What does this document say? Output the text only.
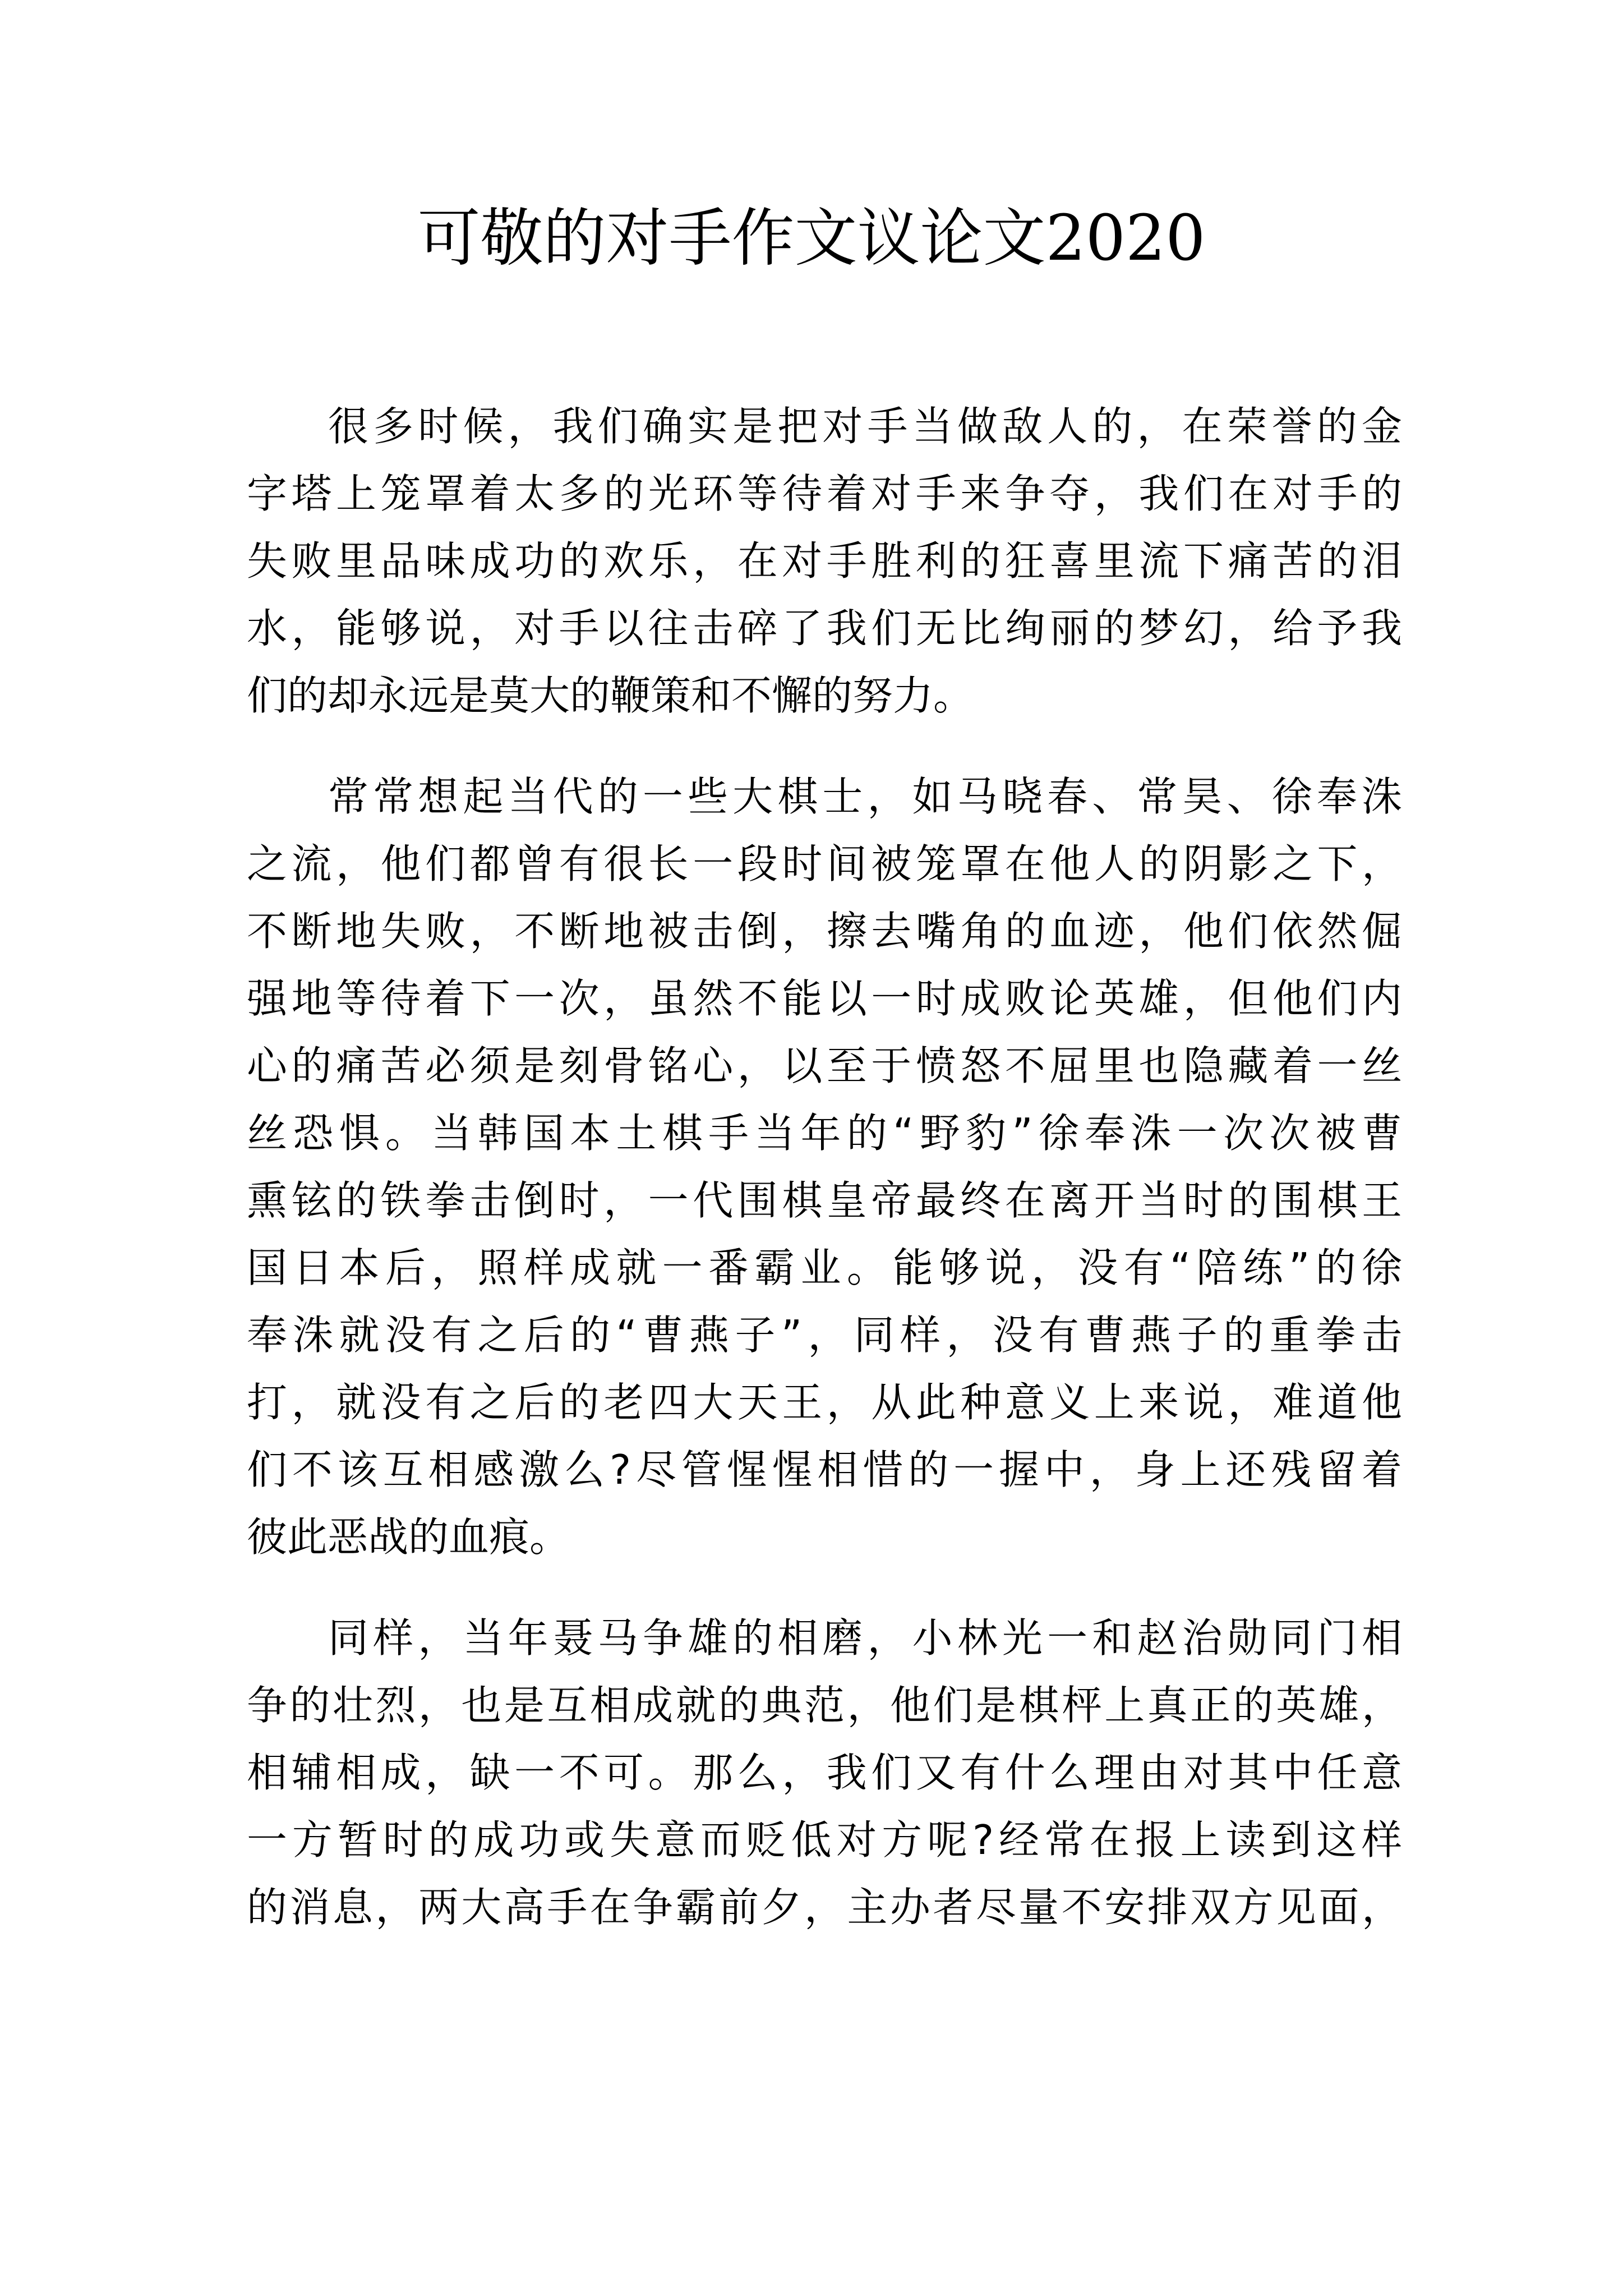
可敬的对手作文议论文2020

很多时候，我们确实是把对手当做敌人的，在荣誉的金

字塔上笼罩着太多的光环等待着对手来争夺，我们在对手的

失败里品味成功的欢乐，在对手胜利的狂喜里流下痛苦的泪

水，能够说，对手以往击碎了我们无比绚丽的梦幻，给予我

们的却永远是莫大的鞭策和不懈的努力。

常常想起当代的一些大棋士，如马晓春、常昊、徐奉洙

之流，他们都曾有很长一段时间被笼罩在他人的阴影之下，

不断地失败，不断地被击倒，擦去嘴角的血迹，他们依然倔

强地等待着下一次，虽然不能以一时成败论英雄，但他们内

心的痛苦必须是刻骨铭心，以至于愤怒不屈里也隐藏着一丝

丝恐惧。当韩国本土棋手当年的“野豹”徐奉洙一次次被曹

熏铉的铁拳击倒时，一代围棋皇帝最终在离开当时的围棋王

国日本后，照样成就一番霸业。能够说，没有“陪练”的徐

奉洙就没有之后的“曹燕子”，同样，没有曹燕子的重拳击

打，就没有之后的老四大天王，从此种意义上来说，难道他

们不该互相感激么?尽管惺惺相惜的一握中，身上还残留着

彼此恶战的血痕。

同样，当年聂马争雄的相磨，小林光一和赵治勋同门相

争的壮烈，也是互相成就的典范，他们是棋枰上真正的英雄，

相辅相成，缺一不可。那么，我们又有什么理由对其中任意

一方暂时的成功或失意而贬低对方呢?经常在报上读到这样

的消息，两大高手在争霸前夕，主办者尽量不安排双方见面，
